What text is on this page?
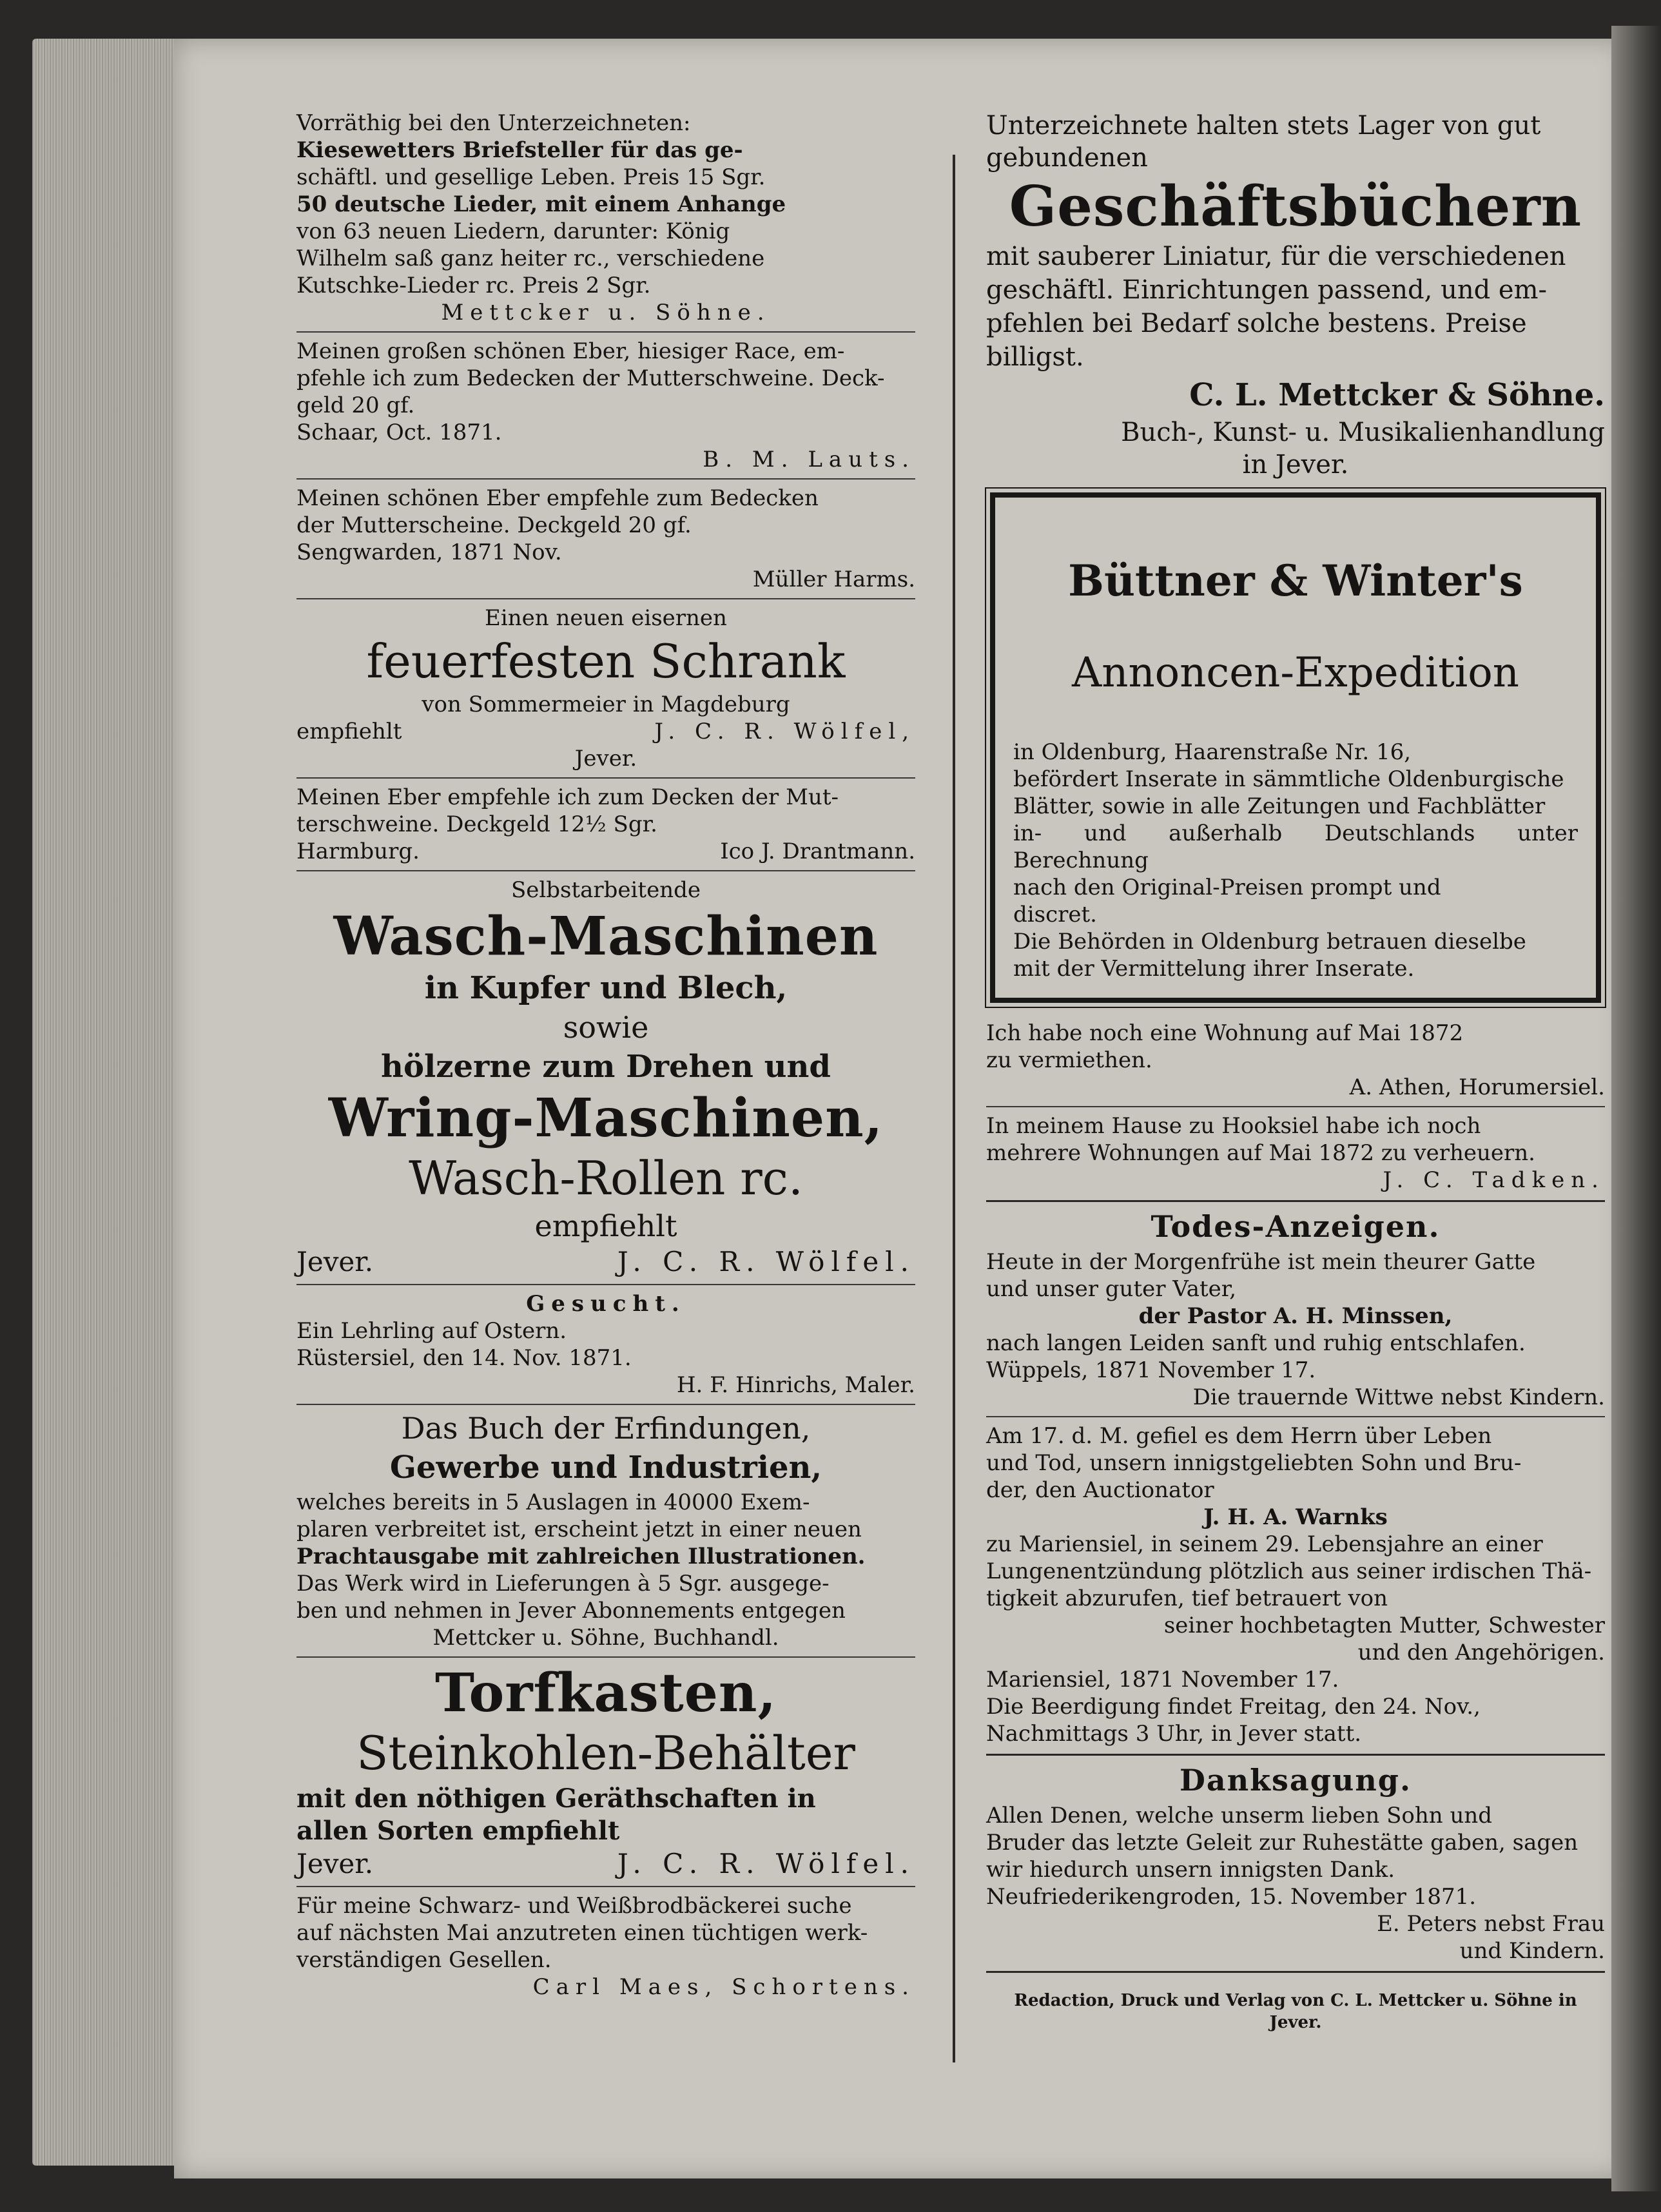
Vorräthig bei den Unterzeichneten:

Kiesewetters Briefsteller für das ge-

schäftl. und gesellige Leben. Preis 15 Sgr.

50 deutsche Lieder, mit einem Anhange

von 63 neuen Liedern, darunter: König

Wilhelm saß ganz heiter rc., verschiedene

Kutschke-Lieder rc. Preis 2 Sgr.

Mettcker u. Söhne.

Meinen großen schönen Eber, hiesiger Race, em-

pfehle ich zum Bedecken der Mutterschweine. Deck-

geld 20 gf.

Schaar, Oct. 1871.

B. M. Lauts.

Meinen schönen Eber empfehle zum Bedecken

der Mutterscheine. Deckgeld 20 gf.

Sengwarden, 1871 Nov.

Müller Harms.

Einen neuen eisernen

feuerfesten Schrank

von Sommermeier in Magdeburg

empfiehlt	J. C. R. Wölfel,

Jever.

Meinen Eber empfehle ich zum Decken der Mut-

terschweine. Deckgeld 12½ Sgr.

Harmburg.	Ico J. Drantmann.

Selbstarbeitende

Wasch-Maschinen

in Kupfer und Blech,

sowie

hölzerne zum Drehen und

Wring-Maschinen,

Wasch-Rollen rc.

empfiehlt

Jever.	J. C. R. Wölfel.

Gesucht.

Ein Lehrling auf Ostern.

Rüstersiel, den 14. Nov. 1871.

H. F. Hinrichs, Maler.

Das Buch der Erfindungen,

Gewerbe und Industrien,

welches bereits in 5 Auslagen in 40000 Exem-

plaren verbreitet ist, erscheint jetzt in einer neuen

Prachtausgabe mit zahlreichen Illustrationen.

Das Werk wird in Lieferungen à 5 Sgr. ausgege-

ben und nehmen in Jever Abonnements entgegen

Mettcker u. Söhne, Buchhandl.

Torfkasten,

Steinkohlen-Behälter

mit den nöthigen Geräthschaften in

allen Sorten empfiehlt

Jever.	J. C. R. Wölfel.

Für meine Schwarz- und Weißbrodbäckerei suche

auf nächsten Mai anzutreten einen tüchtigen werk-

verständigen Gesellen.

Carl Maes, Schortens.

Unterzeichnete halten stets Lager von gut

gebundenen

Geschäftsbüchern

mit sauberer Liniatur, für die verschiedenen

geschäftl. Einrichtungen passend, und em-

pfehlen bei Bedarf solche bestens. Preise

billigst.

C. L. Mettcker & Söhne.

Buch-, Kunst- u. Musikalienhandlung

in Jever.

Büttner & Winter's

Annoncen-Expedition

in Oldenburg, Haarenstraße Nr. 16,

befördert Inserate in sämmtliche Oldenburgische

Blätter, sowie in alle Zeitungen und Fachblätter

in- und außerhalb Deutschlands unter Berechnung

nach den Original-Preisen prompt und

discret.

Die Behörden in Oldenburg betrauen dieselbe

mit der Vermittelung ihrer Inserate.

Ich habe noch eine Wohnung auf Mai 1872

zu vermiethen.

A. Athen, Horumersiel.

In meinem Hause zu Hooksiel habe ich noch

mehrere Wohnungen auf Mai 1872 zu verheuern.

J. C. Tadken.

Todes-Anzeigen.

Heute in der Morgenfrühe ist mein theurer Gatte

und unser guter Vater,

der Pastor A. H. Minssen,

nach langen Leiden sanft und ruhig entschlafen.

Wüppels, 1871 November 17.

Die trauernde Wittwe nebst Kindern.

Am 17. d. M. gefiel es dem Herrn über Leben

und Tod, unsern innigstgeliebten Sohn und Bru-

der, den Auctionator

J. H. A. Warnks

zu Mariensiel, in seinem 29. Lebensjahre an einer

Lungenentzündung plötzlich aus seiner irdischen Thä-

tigkeit abzurufen, tief betrauert von

seiner hochbetagten Mutter, Schwester

und den Angehörigen.

Mariensiel, 1871 November 17.

Die Beerdigung findet Freitag, den 24. Nov.,

Nachmittags 3 Uhr, in Jever statt.

Danksagung.

Allen Denen, welche unserm lieben Sohn und

Bruder das letzte Geleit zur Ruhestätte gaben, sagen

wir hiedurch unsern innigsten Dank.

Neufriederikengroden, 15. November 1871.

E. Peters nebst Frau

und Kindern.

Redaction, Druck und Verlag von C. L. Mettcker u. Söhne in Jever.
